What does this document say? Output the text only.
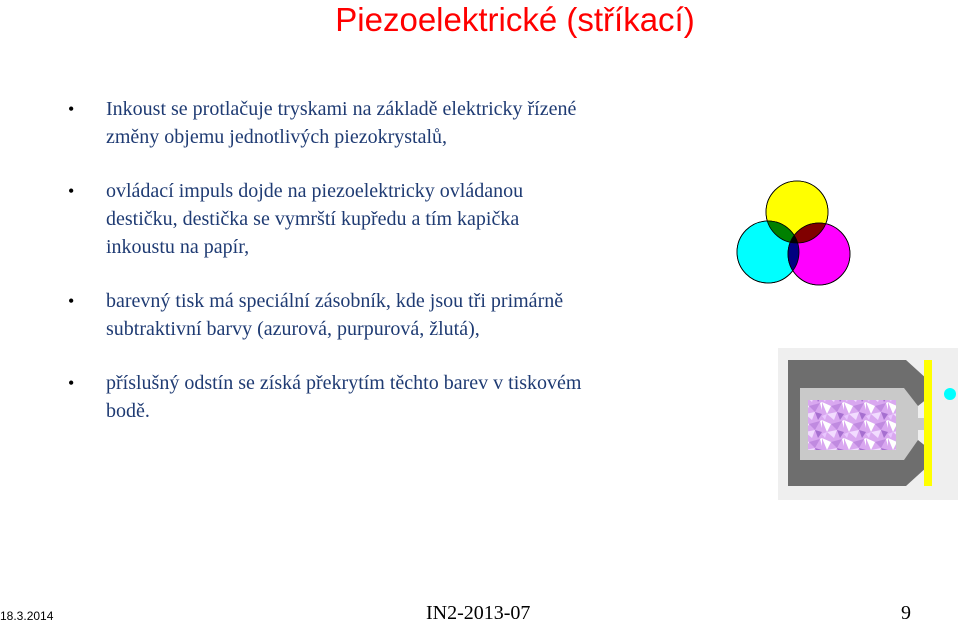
Piezoelektrické (stříkací)
• Inkoust se protlačuje tryskami na základě elektricky řízené
změny objemu jednotlivých piezokrystalů,
• ovládací impuls dojde na piezoelektricky ovládanou
destičku, destička se vymrští kupředu a tím kapička
inkoustu na papír,
• barevný tisk má speciální zásobník, kde jsou tři primárně
subtraktivní barvy (azurová, purpurová, žlutá),
• příslušný odstín se získá překrytím těchto barev v tiskovém
bodě.
18.3.2014	IN2-2013-07	9
